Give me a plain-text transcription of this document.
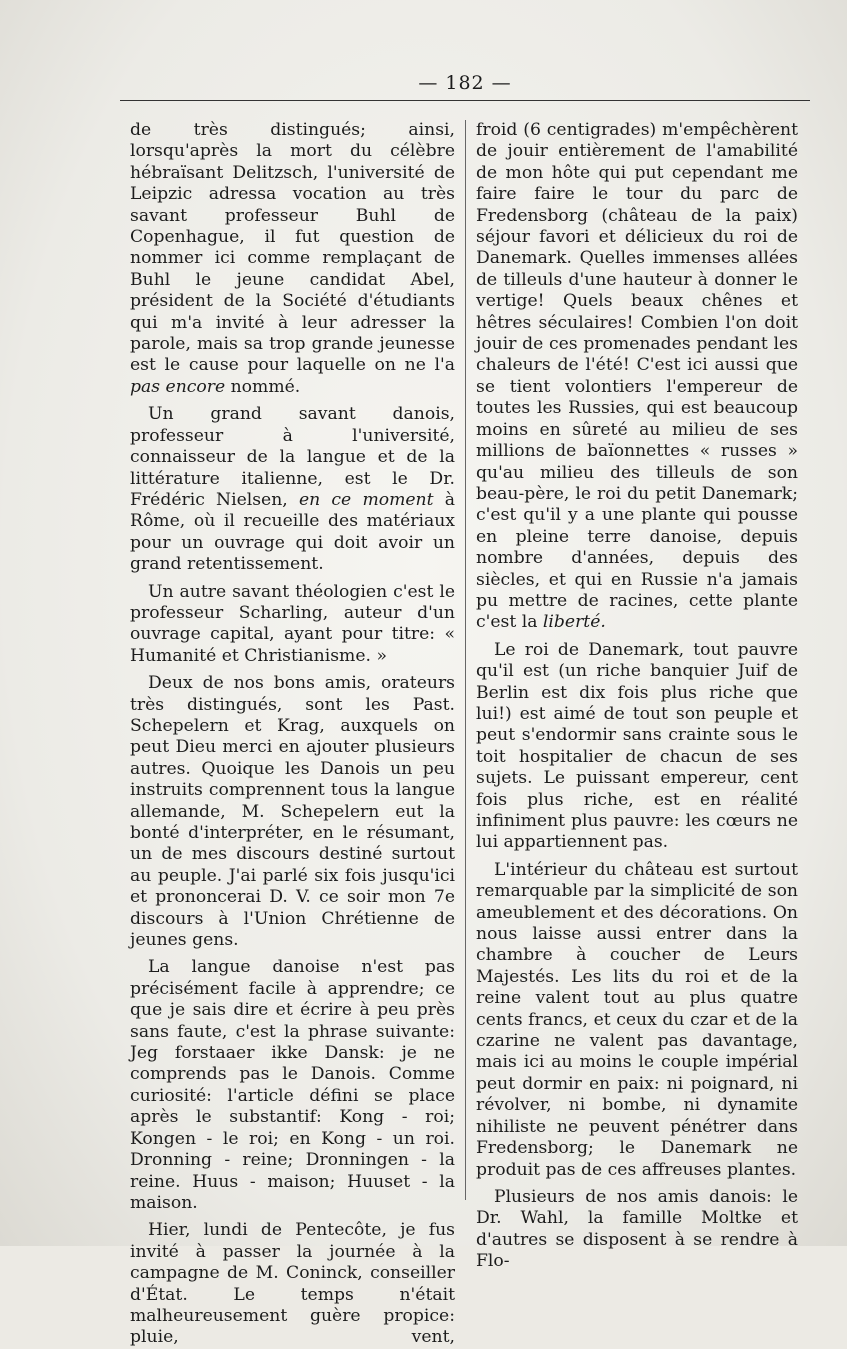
— 182 —

de très distingués; ainsi, lorsqu'après la mort du célèbre hébraïsant Delitzsch, l'université de Leipzic adressa vocation au très savant professeur Buhl de Copenhague, il fut question de nommer ici comme remplaçant de Buhl le jeune candidat Abel, président de la Société d'étudiants qui m'a invité à leur adresser la parole, mais sa trop grande jeunesse est le cause pour laquelle on ne l'a pas encore nommé.

Un grand savant danois, professeur à l'université, connaisseur de la langue et de la littérature italienne, est le Dr. Frédéric Nielsen, en ce moment à Rôme, où il recueille des matériaux pour un ouvrage qui doit avoir un grand retentissement.

Un autre savant théologien c'est le professeur Scharling, auteur d'un ouvrage capital, ayant pour titre: « Humanité et Christianisme. »

Deux de nos bons amis, orateurs très distingués, sont les Past. Schepelern et Krag, auxquels on peut Dieu merci en ajouter plusieurs autres. Quoique les Danois un peu instruits comprennent tous la langue allemande, M. Schepelern eut la bonté d'interpréter, en le résumant, un de mes discours destiné surtout au peuple. J'ai parlé six fois jusqu'ici et prononcerai D. V. ce soir mon 7e discours à l'Union Chrétienne de jeunes gens.

La langue danoise n'est pas précisément facile à apprendre; ce que je sais dire et écrire à peu près sans faute, c'est la phrase suivante: Jeg forstaaer ikke Dansk: je ne comprends pas le Danois. Comme curiosité: l'article défini se place après le substantif: Kong - roi; Kongen - le roi; en Kong - un roi. Dronning - reine; Dronningen - la reine. Huus - maison; Huuset - la maison.

Hier, lundi de Pentecôte, je fus invité à passer la journée à la campagne de M. Coninck, conseiller d'État. Le temps n'était malheureusement guère propice: pluie, vent,

froid (6 centigrades) m'empêchèrent de jouir entièrement de l'amabilité de mon hôte qui put cependant me faire faire le tour du parc de Fredensborg (château de la paix) séjour favori et délicieux du roi de Danemark. Quelles immenses allées de tilleuls d'une hauteur à donner le vertige! Quels beaux chênes et hêtres séculaires! Combien l'on doit jouir de ces promenades pendant les chaleurs de l'été! C'est ici aussi que se tient volontiers l'empereur de toutes les Russies, qui est beaucoup moins en sûreté au milieu de ses millions de baïonnettes « russes » qu'au milieu des tilleuls de son beau-père, le roi du petit Danemark; c'est qu'il y a une plante qui pousse en pleine terre danoise, depuis nombre d'années, depuis des siècles, et qui en Russie n'a jamais pu mettre de racines, cette plante c'est la liberté.

Le roi de Danemark, tout pauvre qu'il est (un riche banquier Juif de Berlin est dix fois plus riche que lui!) est aimé de tout son peuple et peut s'endormir sans crainte sous le toit hospitalier de chacun de ses sujets. Le puissant empereur, cent fois plus riche, est en réalité infiniment plus pauvre: les cœurs ne lui appartiennent pas.

L'intérieur du château est surtout remarquable par la simplicité de son ameublement et des décorations. On nous laisse aussi entrer dans la chambre à coucher de Leurs Majestés. Les lits du roi et de la reine valent tout au plus quatre cents francs, et ceux du czar et de la czarine ne valent pas davantage, mais ici au moins le couple impérial peut dormir en paix: ni poignard, ni révolver, ni bombe, ni dynamite nihiliste ne peuvent pénétrer dans Fredensborg; le Danemark ne produit pas de ces affreuses plantes.

Plusieurs de nos amis danois: le Dr. Wahl, la famille Moltke et d'autres se disposent à se rendre à Flo-
